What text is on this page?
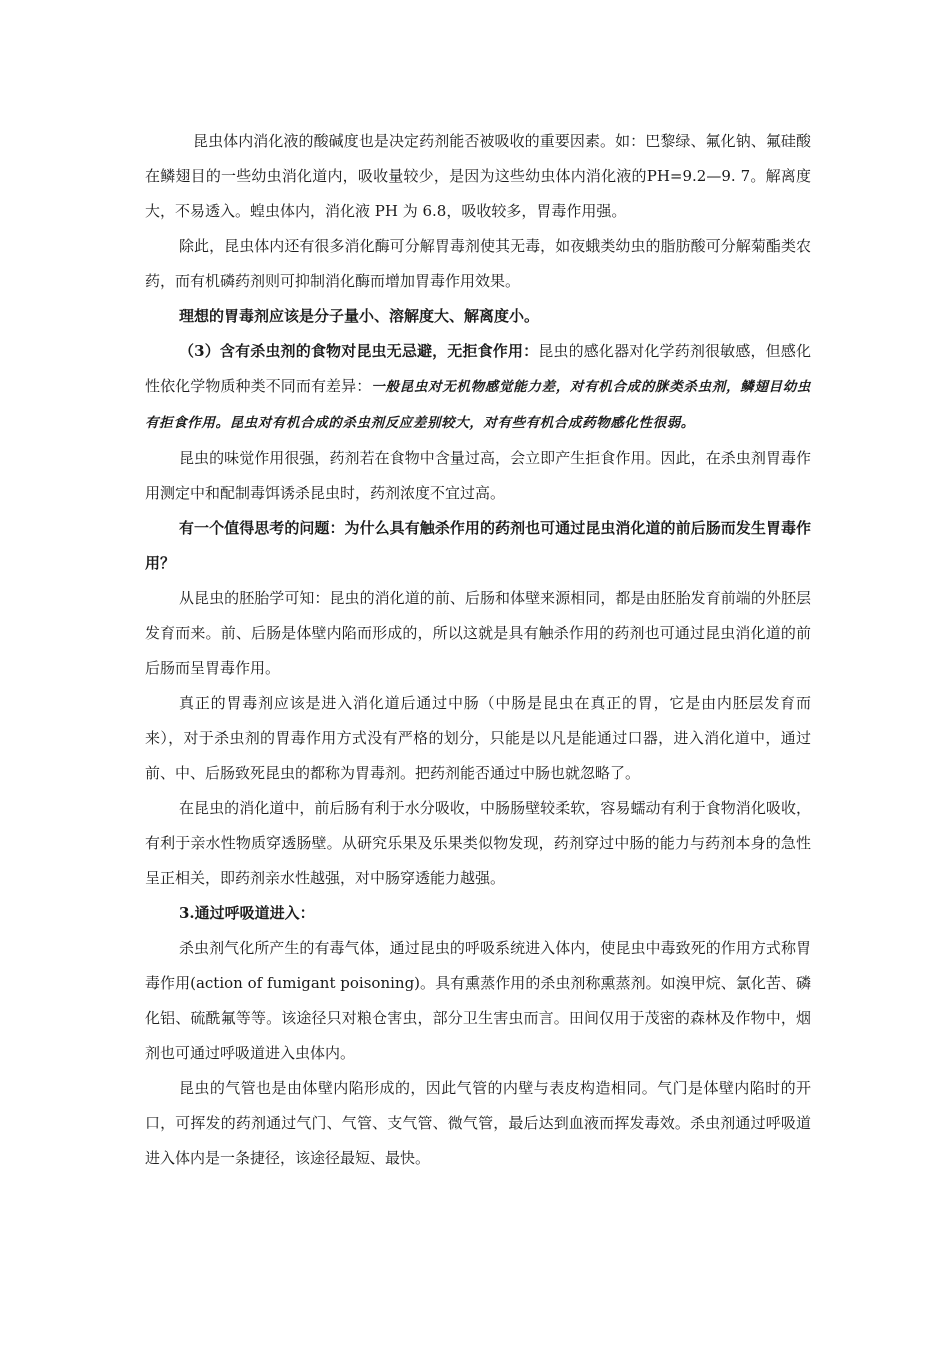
昆虫体内消化液的酸碱度也是决定药剂能否被吸收的重要因素。如：巴黎绿、氟化钠、氟硅酸在鳞翅目的一些幼虫消化道内，吸收量较少，是因为这些幼虫体内消化液的PH=9.2—9. 7。解离度大，不易透入。蝗虫体内，消化液 PH 为 6.8，吸收较多，胃毒作用强。

除此，昆虫体内还有很多消化酶可分解胃毒剂使其无毒，如夜蛾类幼虫的脂肪酸可分解菊酯类农药，而有机磷药剂则可抑制消化酶而增加胃毒作用效果。

理想的胃毒剂应该是分子量小、溶解度大、解离度小。

（3）含有杀虫剂的食物对昆虫无忌避，无拒食作用：昆虫的感化器对化学药剂很敏感，但感化性依化学物质种类不同而有差异：一般昆虫对无机物感觉能力差，对有机合成的脒类杀虫剂，鳞翅目幼虫有拒食作用。昆虫对有机合成的杀虫剂反应差别较大，对有些有机合成药物感化性很弱。

昆虫的味觉作用很强，药剂若在食物中含量过高，会立即产生拒食作用。因此，在杀虫剂胃毒作用测定中和配制毒饵诱杀昆虫时，药剂浓度不宜过高。

有一个值得思考的问题：为什么具有触杀作用的药剂也可通过昆虫消化道的前后肠而发生胃毒作用？

从昆虫的胚胎学可知：昆虫的消化道的前、后肠和体壁来源相同，都是由胚胎发育前端的外胚层发育而来。前、后肠是体壁内陷而形成的，所以这就是具有触杀作用的药剂也可通过昆虫消化道的前后肠而呈胃毒作用。

真正的胃毒剂应该是进入消化道后通过中肠（中肠是昆虫在真正的胃，它是由内胚层发育而来），对于杀虫剂的胃毒作用方式没有严格的划分，只能是以凡是能通过口器，进入消化道中，通过前、中、后肠致死昆虫的都称为胃毒剂。把药剂能否通过中肠也就忽略了。

在昆虫的消化道中，前后肠有利于水分吸收，中肠肠壁较柔软，容易蠕动有利于食物消化吸收，有利于亲水性物质穿透肠壁。从研究乐果及乐果类似物发现，药剂穿过中肠的能力与药剂本身的急性呈正相关，即药剂亲水性越强，对中肠穿透能力越强。

3.通过呼吸道进入：

杀虫剂气化所产生的有毒气体，通过昆虫的呼吸系统进入体内，使昆虫中毒致死的作用方式称胃毒作用(action of fumigant poisoning)。具有熏蒸作用的杀虫剂称熏蒸剂。如溴甲烷、氯化苦、磷化铝、硫酰氟等等。该途径只对粮仓害虫，部分卫生害虫而言。田间仅用于茂密的森林及作物中，烟剂也可通过呼吸道进入虫体内。

昆虫的气管也是由体壁内陷形成的，因此气管的内壁与表皮构造相同。气门是体壁内陷时的开口，可挥发的药剂通过气门、气管、支气管、微气管，最后达到血液而挥发毒效。杀虫剂通过呼吸道进入体内是一条捷径，该途径最短、最快。
